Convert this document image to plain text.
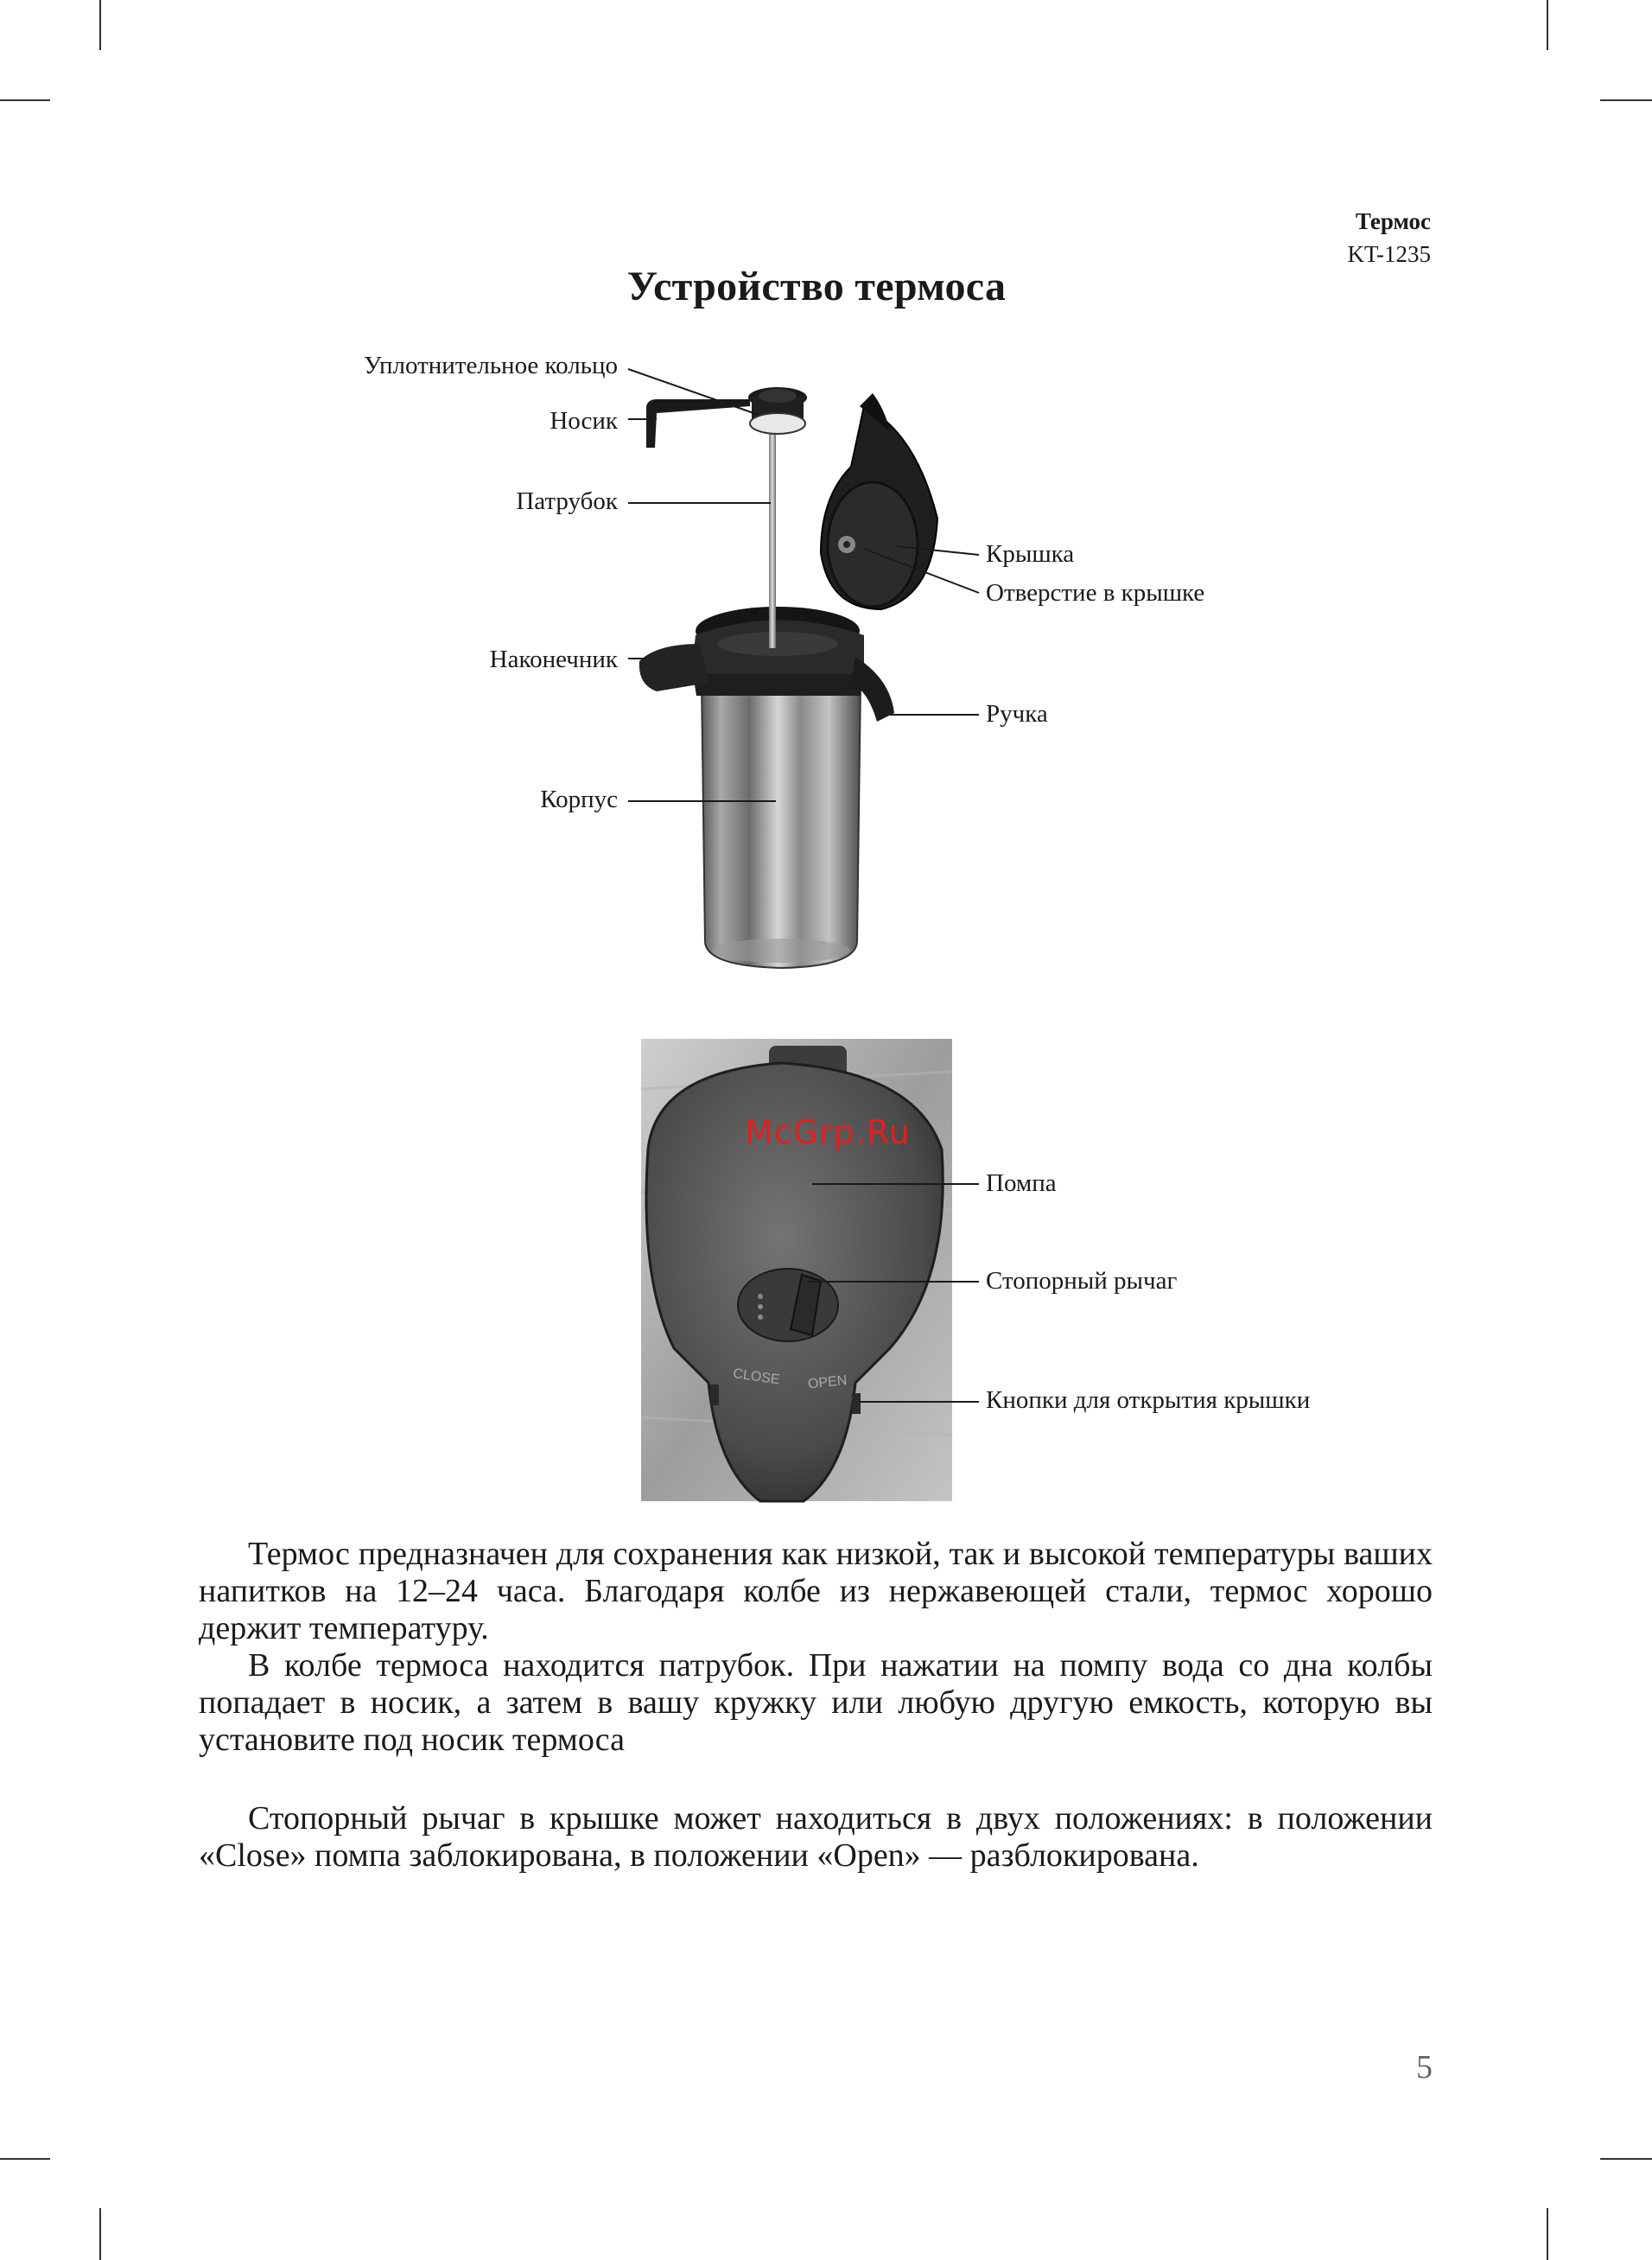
Термос
KT-1235
Устройство термоса
CLOSE OPEN
McGrp.Ru
Уплотнительное кольцо
Носик
Патрубок
Наконечник
Корпус
Крышка
Отверстие в крышке
Ручка
Помпа
Стопорный рычаг
Кнопки для открытия крышки

Термос предназначен для сохранения как низкой, так и высокой температуры ваших напитков на 12–24 часа. Благодаря колбе из нержавеющей стали, термос хорошо держит температуру.

В колбе термоса находится патрубок. При нажатии на помпу вода со дна колбы попадает в носик, а затем в вашу кружку или любую другую емкость, которую вы установите под носик термоса

Стопорный рычаг в крышке может находиться в двух положениях: в положении «Close» помпа заблокирована, в положении «Open» — разблокирована.

5
